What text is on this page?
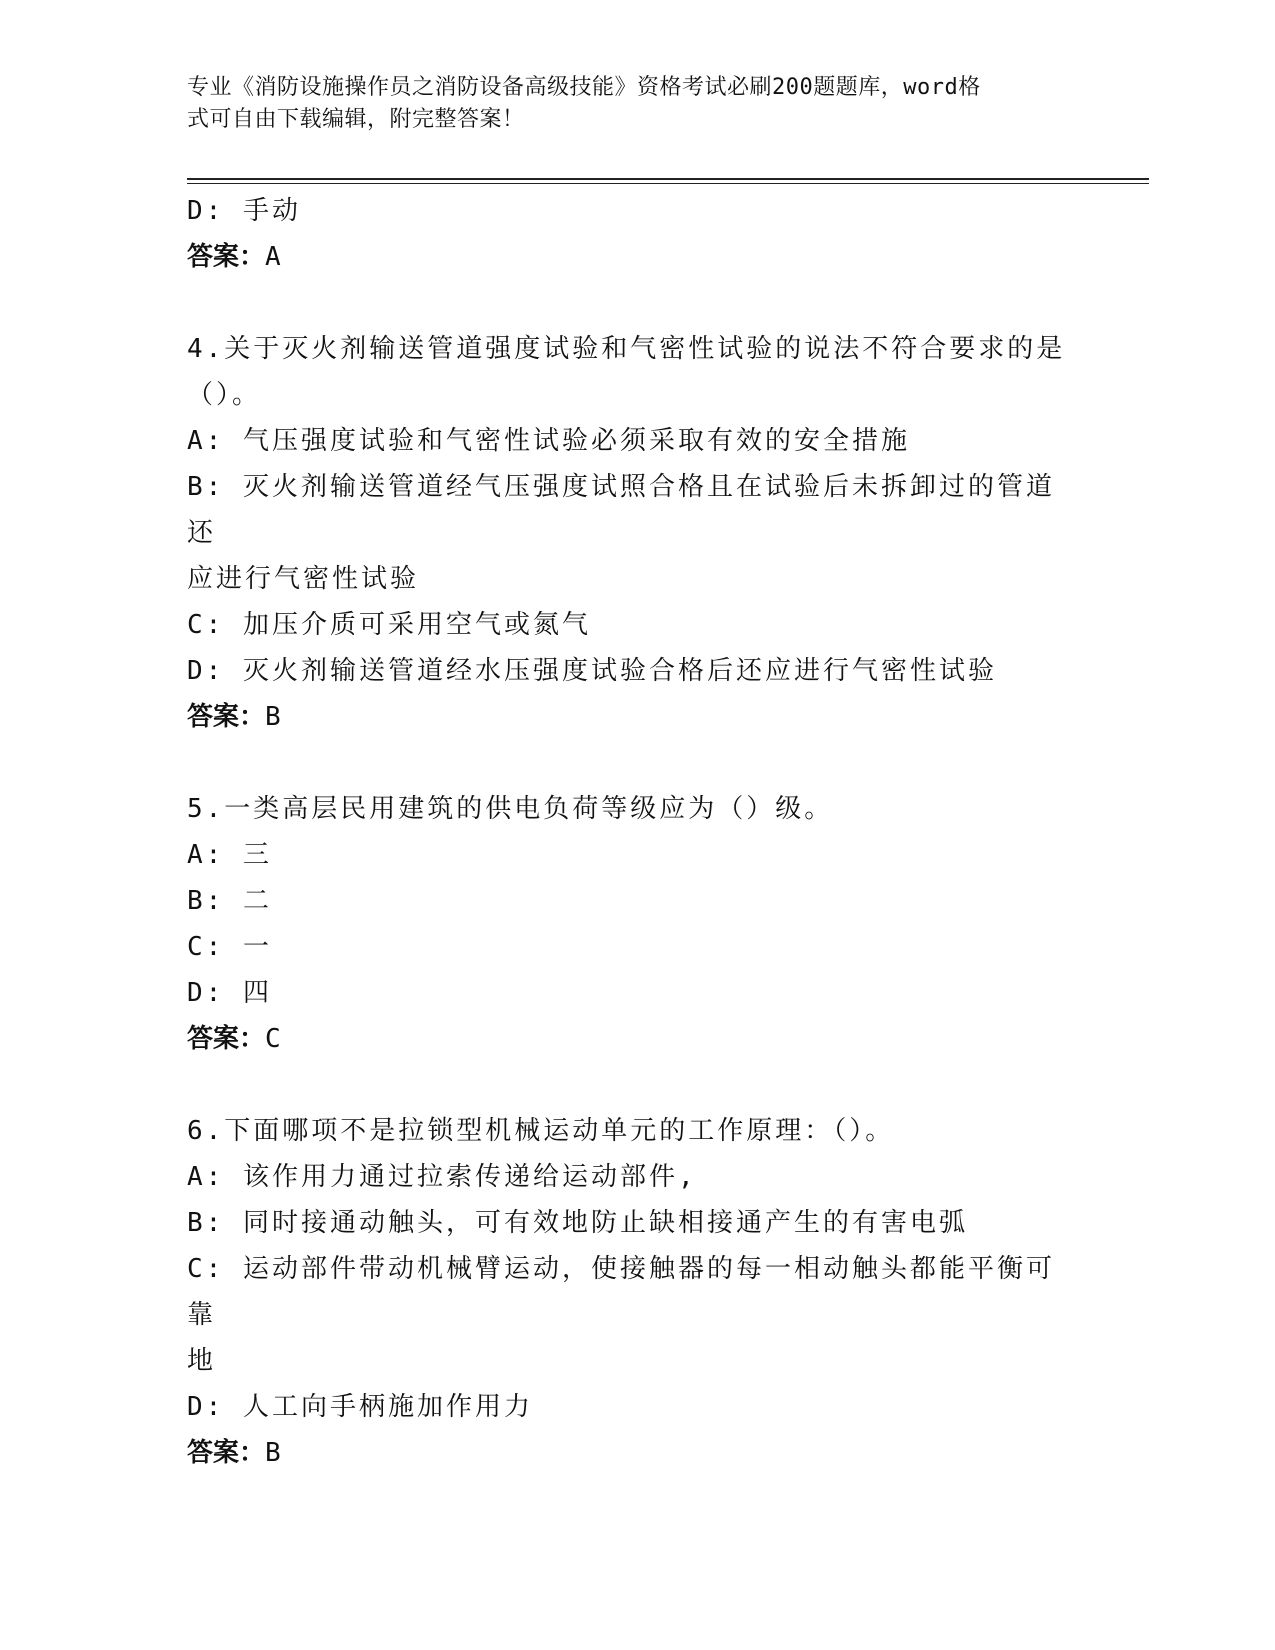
专业《消防设施操作员之消防设备高级技能》资格考试必刷200题题库，word格
式可自由下载编辑，附完整答案！

D: 手动

答案：A

4.关于灭火剂输送管道强度试验和气密性试验的说法不符合要求的是

（）。

A: 气压强度试验和气密性试验必须采取有效的安全措施

B: 灭火剂输送管道经气压强度试照合格且在试验后未拆卸过的管道还

应进行气密性试验

C: 加压介质可采用空气或氮气

D: 灭火剂输送管道经水压强度试验合格后还应进行气密性试验

答案：B

5.一类高层民用建筑的供电负荷等级应为（）级。

A: 三

B: 二

C: 一

D: 四

答案：C

6.下面哪项不是拉锁型机械运动单元的工作原理：（）。

A: 该作用力通过拉索传递给运动部件,

B: 同时接通动触头，可有效地防止缺相接通产生的有害电弧

C: 运动部件带动机械臂运动，使接触器的每一相动触头都能平衡可靠

地

D: 人工向手柄施加作用力

答案：B
